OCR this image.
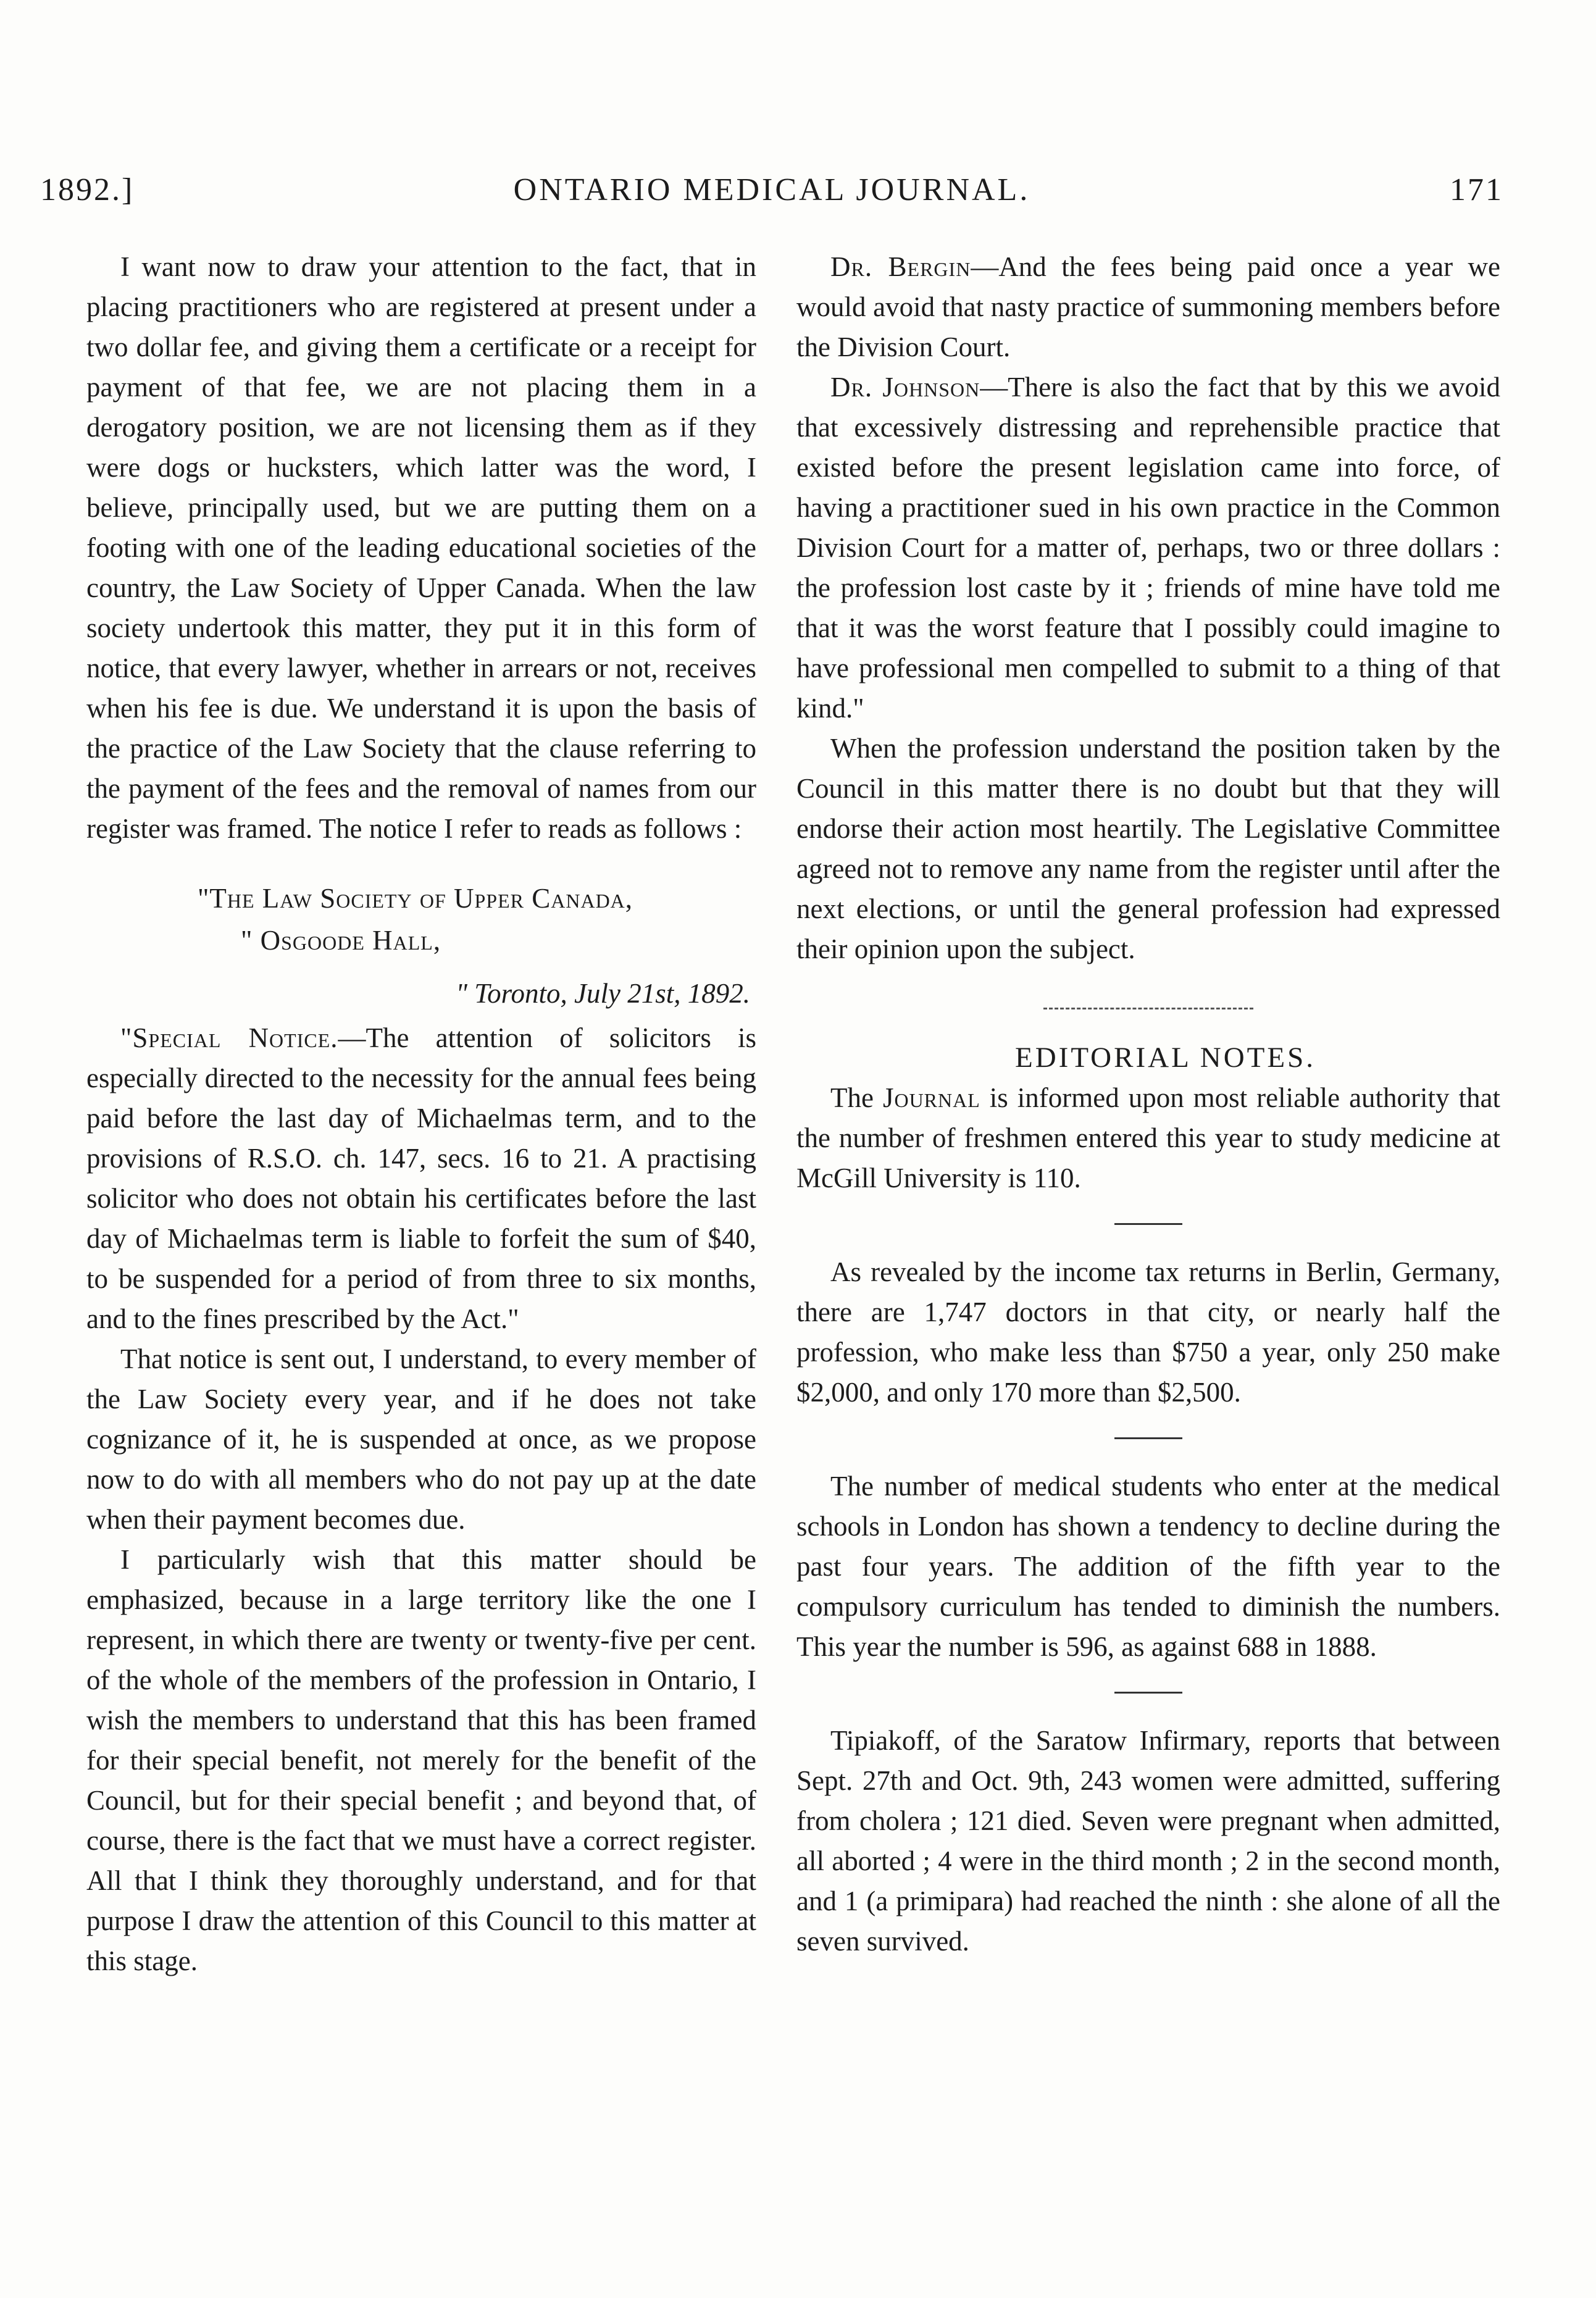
1892.]	ONTARIO MEDICAL JOURNAL.	171

I want now to draw your attention to the fact, that in placing practitioners who are registered at present under a two dollar fee, and giving them a certificate or a receipt for payment of that fee, we are not placing them in a derogatory position, we are not licensing them as if they were dogs or hucksters, which latter was the word, I believe, principally used, but we are putting them on a footing with one of the leading educational societies of the country, the Law Society of Upper Canada. When the law society undertook this matter, they put it in this form of notice, that every lawyer, whether in arrears or not, receives when his fee is due. We understand it is upon the basis of the practice of the Law Society that the clause referring to the payment of the fees and the removal of names from our register was framed. The notice I refer to reads as follows :

"The Law Society of Upper Canada,

" Osgoode Hall,

" Toronto, July 21st, 1892.

"Special Notice.—The attention of solicitors is especially directed to the necessity for the annual fees being paid before the last day of Michaelmas term, and to the provisions of R.S.O. ch. 147, secs. 16 to 21. A practising solicitor who does not obtain his certificates before the last day of Michaelmas term is liable to forfeit the sum of $40, to be suspended for a period of from three to six months, and to the fines prescribed by the Act."

That notice is sent out, I understand, to every member of the Law Society every year, and if he does not take cognizance of it, he is suspended at once, as we propose now to do with all members who do not pay up at the date when their payment becomes due.

I particularly wish that this matter should be emphasized, because in a large territory like the one I represent, in which there are twenty or twenty-five per cent. of the whole of the members of the profession in Ontario, I wish the members to understand that this has been framed for their special benefit, not merely for the benefit of the Council, but for their special benefit ; and beyond that, of course, there is the fact that we must have a correct register. All that I think they thoroughly understand, and for that purpose I draw the attention of this Council to this matter at this stage.

Dr. Bergin—And the fees being paid once a year we would avoid that nasty practice of summoning members before the Division Court.

Dr. Johnson—There is also the fact that by this we avoid that excessively distressing and reprehensible practice that existed before the present legislation came into force, of having a practitioner sued in his own practice in the Common Division Court for a matter of, perhaps, two or three dollars : the profession lost caste by it ; friends of mine have told me that it was the worst feature that I possibly could imagine to have professional men compelled to submit to a thing of that kind."

When the profession understand the position taken by the Council in this matter there is no doubt but that they will endorse their action most heartily. The Legislative Committee agreed not to remove any name from the register until after the next elections, or until the general profession had expressed their opinion upon the subject.

EDITORIAL NOTES.

The Journal is informed upon most reliable authority that the number of freshmen entered this year to study medicine at McGill University is 110.

As revealed by the income tax returns in Berlin, Germany, there are 1,747 doctors in that city, or nearly half the profession, who make less than $750 a year, only 250 make $2,000, and only 170 more than $2,500.

The number of medical students who enter at the medical schools in London has shown a tendency to decline during the past four years. The addition of the fifth year to the compulsory curriculum has tended to diminish the numbers. This year the number is 596, as against 688 in 1888.

Tipiakoff, of the Saratow Infirmary, reports that between Sept. 27th and Oct. 9th, 243 women were admitted, suffering from cholera ; 121 died. Seven were pregnant when admitted, all aborted ; 4 were in the third month ; 2 in the second month, and 1 (a primipara) had reached the ninth : she alone of all the seven survived.
